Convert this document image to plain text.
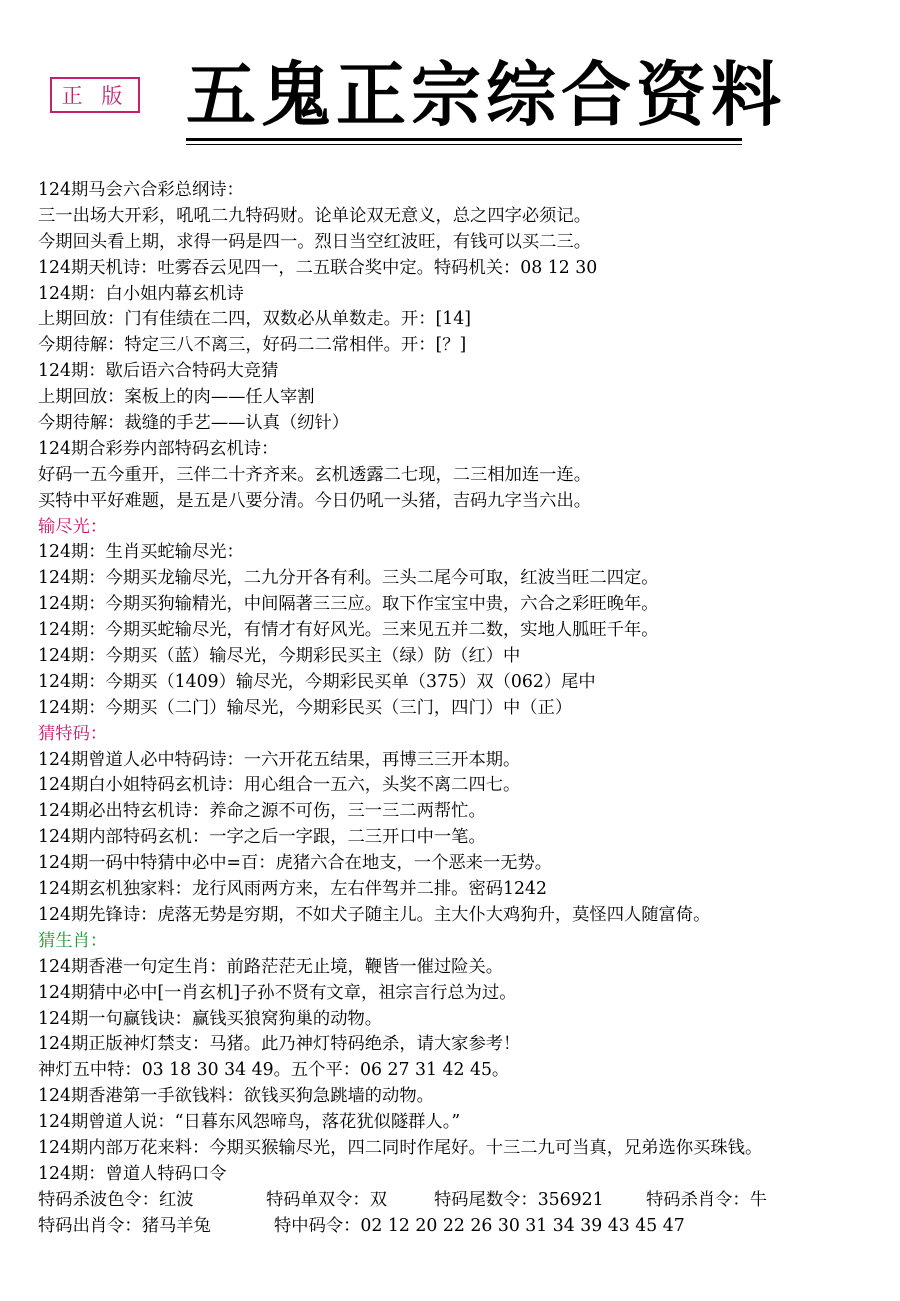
正 版 五鬼正宗综合资料
124期马会六合彩总纲诗：
三一出场大开彩，吼吼二九特码财。论单论双无意义，总之四字必须记。
今期回头看上期，求得一码是四一。烈日当空红波旺，有钱可以买二三。
124期天机诗：吐雾吞云见四一，二五联合奖中定。特码机关：08 12 30
124期：白小姐内幕玄机诗
上期回放：门有佳绩在二四，双数必从单数走。开：[14]
今期待解：特定三八不离三，好码二二常相伴。开：[？]
124期：歇后语六合特码大竞猜
上期回放：案板上的肉——任人宰割
今期待解：裁缝的手艺——认真（纫针）
124期合彩券内部特码玄机诗：
好码一五今重开，三伴二十齐齐来。玄机透露二七现，二三相加连一连。
买特中平好难题，是五是八要分清。今日仍吼一头猪，吉码九字当六出。
输尽光：
124期：生肖买蛇输尽光：
124期：今期买龙输尽光，二九分开各有利。三头二尾今可取，红波当旺二四定。
124期：今期买狗输精光，中间隔著三三应。取下作宝宝中贵，六合之彩旺晚年。
124期：今期买蛇输尽光，有情才有好风光。三来见五并二数，实地人胍旺千年。
124期：今期买（蓝）输尽光，今期彩民买主（绿）防（红）中
124期：今期买（1409）输尽光，今期彩民买单（375）双（062）尾中
124期：今期买（二门）输尽光，今期彩民买（三门，四门）中（正）
猜特码：
124期曾道人必中特码诗：一六开花五结果，再博三三开本期。
124期白小姐特码玄机诗：用心组合一五六，头奖不离二四七。
124期必出特玄机诗：养命之源不可伤，三一三二两帮忙。
124期内部特码玄机：一字之后一字跟，二三开口中一笔。
124期一码中特猜中必中=百：虎猪六合在地支，一个恶来一无势。
124期玄机独家料：龙行风雨两方来，左右伴驾并二排。密码1242
124期先锋诗：虎落无势是穷期，不如犬子随主儿。主大仆大鸡狗升，莫怪四人随富倚。
猜生肖：
124期香港一句定生肖：前路茫茫无止境，鞭皆一催过险关。
124期猜中必中[一肖玄机]子孙不贤有文章，祖宗言行总为过。
124期一句赢钱诀：赢钱买狼窝狗巢的动物。
124期正版神灯禁支：马猪。此乃神灯特码绝杀，请大家参考！
神灯五中特：03 18 30 34 49。五个平：06 27 31 42 45。
124期香港第一手欲钱料：欲钱买狗急跳墙的动物。
124期曾道人说：“日暮东风怨啼鸟，落花犹似隧群人。”
124期内部万花来料：今期买猴输尽光，四二同时作尾好。十三二九可当真，兄弟选你买珠钱。
124期：曾道人特码口令
特码杀波色令：红波	特码单双令：双	特码尾数令：356921	特码杀肖令：牛
特码出肖令：猪马羊兔	特中码令：02 12 20 22 26 30 31 34 39 43 45 47
